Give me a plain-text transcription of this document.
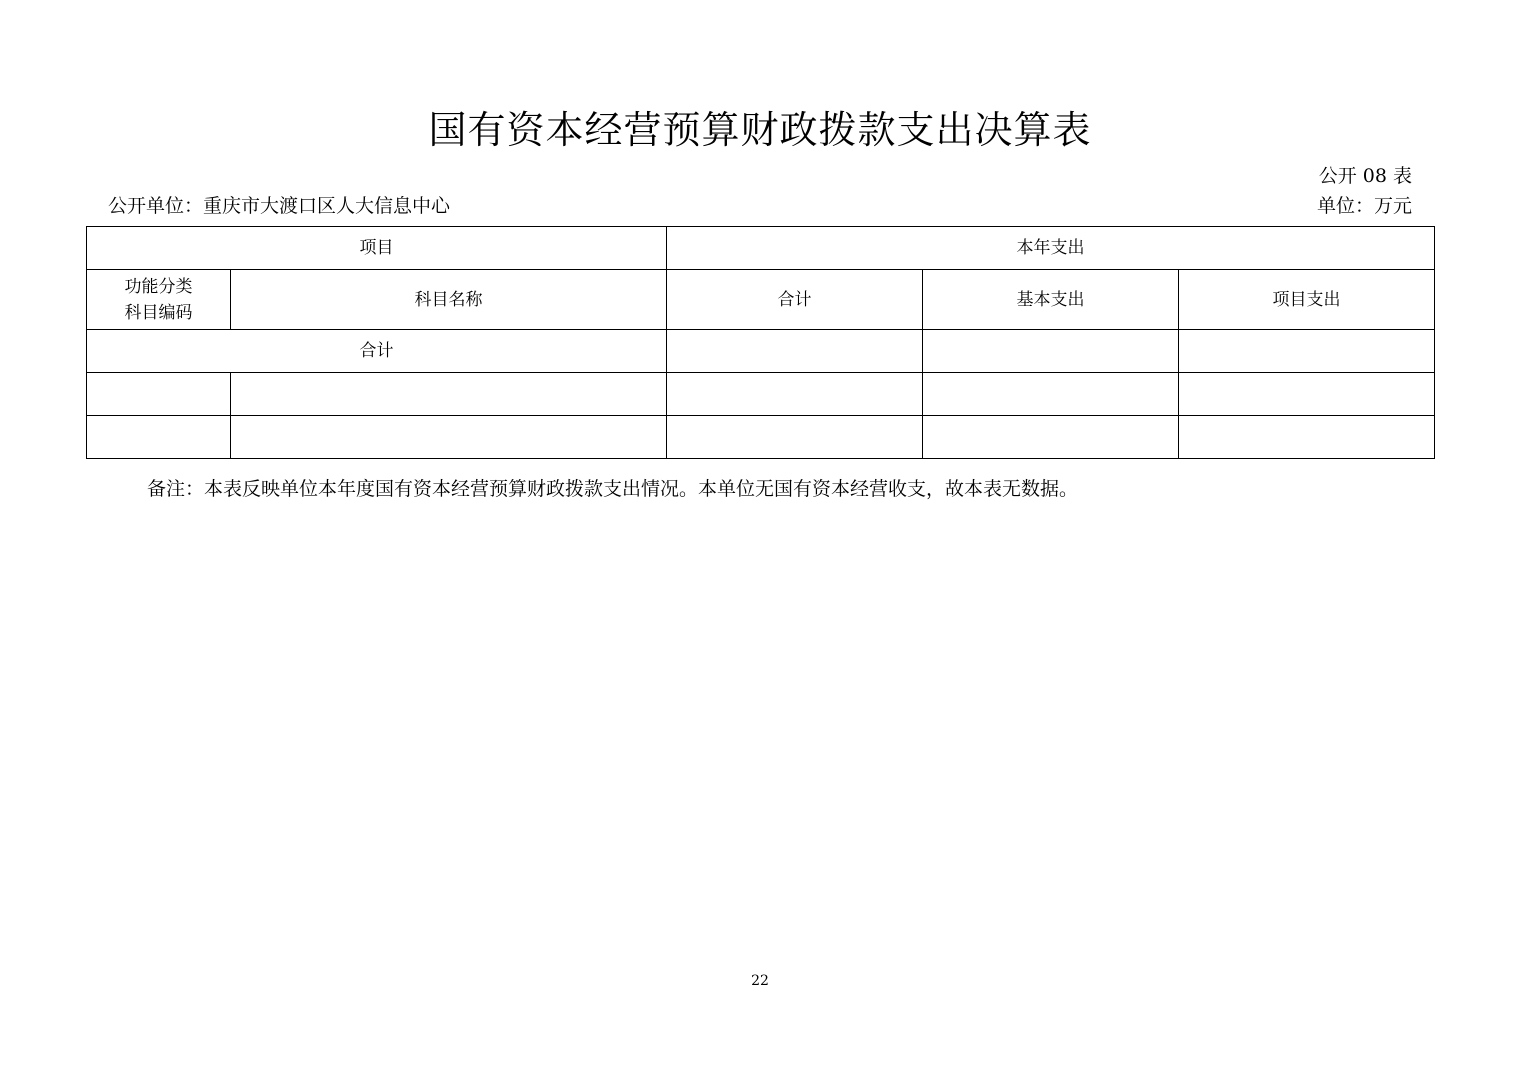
国有资本经营预算财政拨款支出决算表
公开 08 表
公开单位：重庆市大渡口区人大信息中心	单位：万元
项目		本年支出		

功能分类
科目编码	科目名称	合计	基本支出	项目支出
合计				

备注：本表反映单位本年度国有资本经营预算财政拨款支出情况。本单位无国有资本经营收支，故本表无数据。
22
